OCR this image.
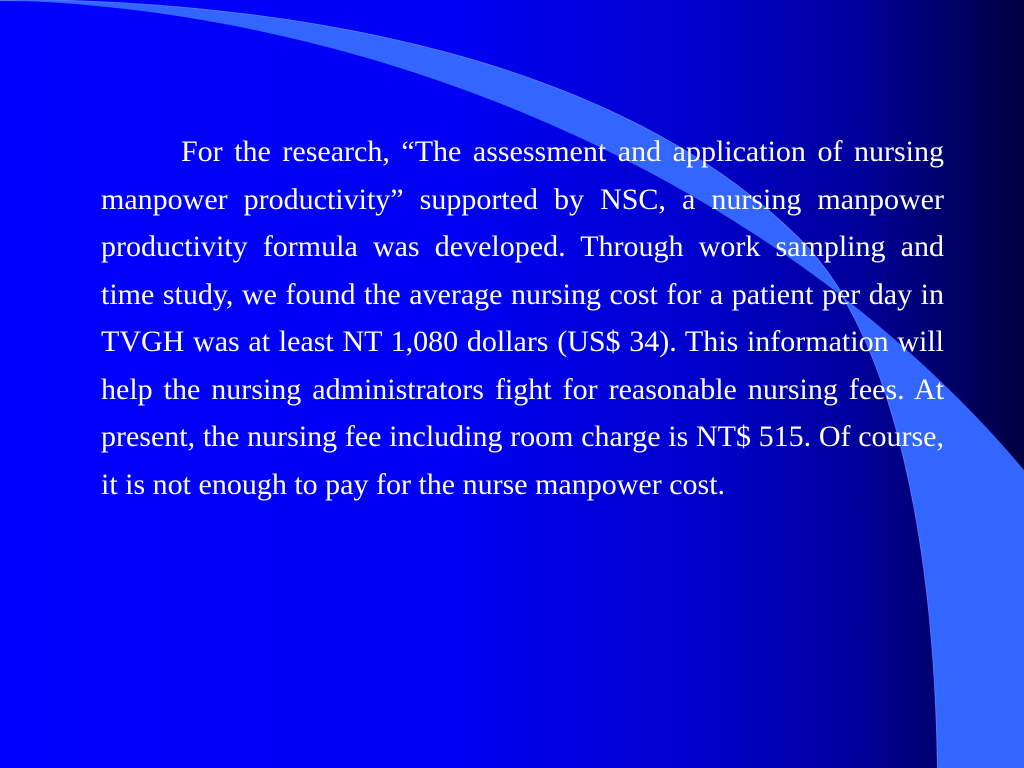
For the research, “The assessment and application of nursing manpower productivity” supported by NSC, a nursing manpower productivity formula was developed. Through work sampling and time study, we found the average nursing cost for a patient per day in TVGH was at least NT 1,080 dollars (US$ 34). This information will help the nursing administrators fight for reasonable nursing fees. At present, the nursing fee including room charge is NT$ 515. Of course, it is not enough to pay for the nurse manpower cost.
